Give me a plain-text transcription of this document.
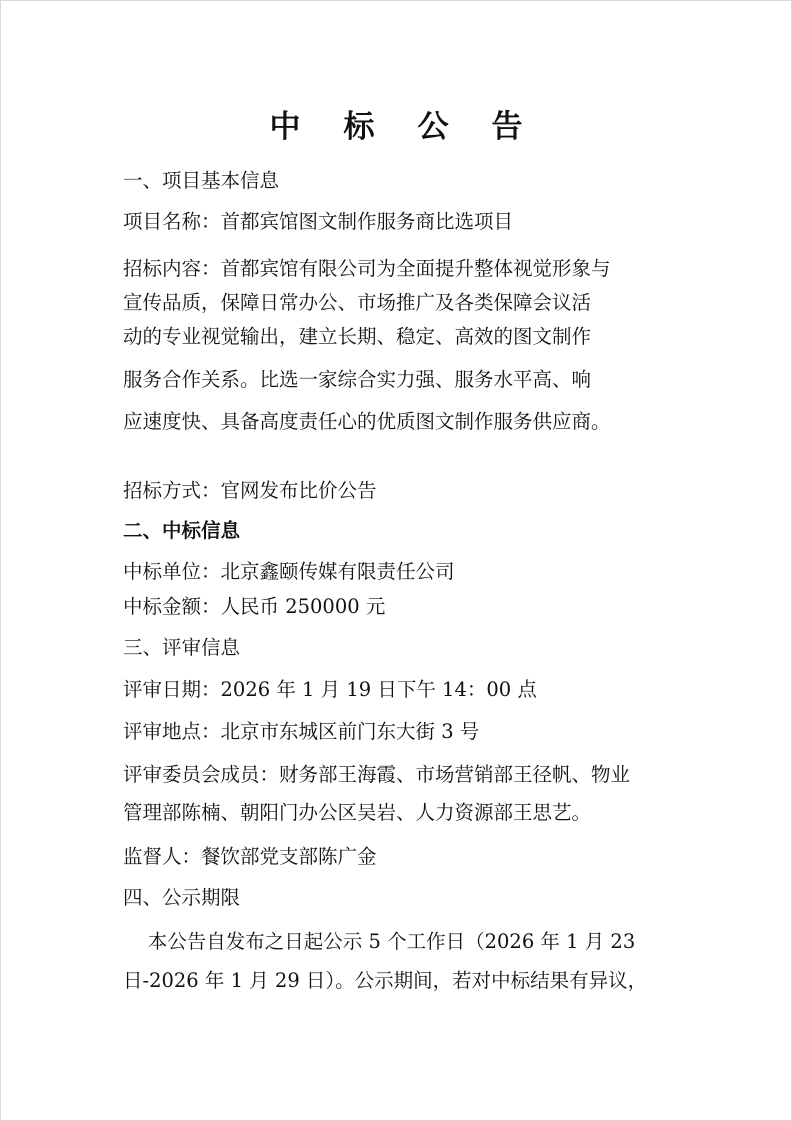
中 标 公 告
一、项目基本信息
项目名称：首都宾馆图文制作服务商比选项目
招标内容：首都宾馆有限公司为全面提升整体视觉形象与
宣传品质，保障日常办公、市场推广及各类保障会议活
动的专业视觉输出，建立长期、稳定、高效的图文制作
服务合作关系。比选一家综合实力强、服务水平高、响
应速度快、具备高度责任心的优质图文制作服务供应商。
招标方式：官网发布比价公告
二、中标信息
中标单位：北京鑫颐传媒有限责任公司
中标金额：人民币 250000 元
三、评审信息
评审日期：2026 年 1 月 19 日下午 14：00 点
评审地点：北京市东城区前门东大街 3 号
评审委员会成员：财务部王海霞、市场营销部王径帆、物业
管理部陈楠、朝阳门办公区吴岩、人力资源部王思艺。
监督人：餐饮部党支部陈广金
四、公示期限
本公告自发布之日起公示 5 个工作日（2026 年 1 月 23
日-2026 年 1 月 29 日）。公示期间，若对中标结果有异议，
